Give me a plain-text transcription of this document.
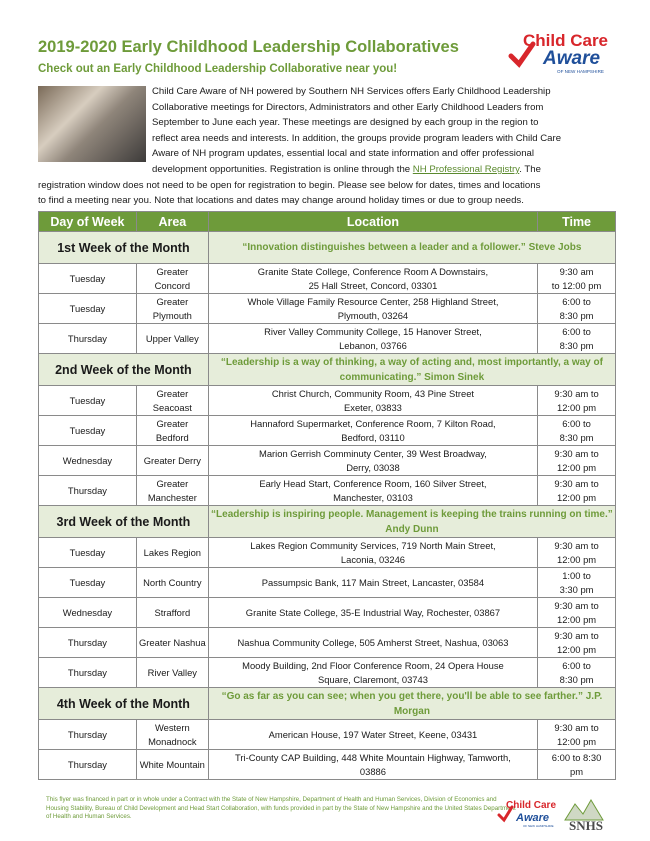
2019-2020 Early Childhood Leadership Collaboratives
Check out an Early Childhood Leadership Collaborative near you!
Child Care
Aware
OF NEW HAMPSHIRE
Child Care Aware of NH powered by Southern NH Services offers Early Childhood Leadership
Collaborative meetings for Directors, Administrators and other Early Childhood Leaders from
September to June each year. These meetings are designed by each group in the region to
reflect area needs and interests. In addition, the groups provide program leaders with Child Care
Aware of NH program updates, essential local and state information and offer professional
development opportunities. Registration is online through the NH Professional Registry. The
registration window does not need to be open for registration to begin. Please see below for dates, times and locations
to find a meeting near you. Note that locations and dates may change around holiday times or due to group needs.
Day of Week	Area	Location	Time
1st Week of the Month		“Innovation distinguishes between a leader and a follower.” Steve Jobs	
Tuesday	Greater Concord	Granite State College, Conference Room A Downstairs,
25 Hall Street, Concord, 03301	9:30 am
to 12:00 pm
Tuesday	Greater Plymouth	Whole Village Family Resource Center, 258 Highland Street,
Plymouth, 03264	6:00 to
8:30 pm
Thursday	Upper Valley	River Valley Community College, 15 Hanover Street,
Lebanon, 03766	6:00 to
8:30 pm
2nd Week of the Month		“Leadership is a way of thinking, a way of acting and, most importantly, a way of communicating.” Simon Sinek	
Tuesday	Greater Seacoast	Christ Church, Community Room, 43 Pine Street
Exeter, 03833	9:30 am to
12:00 pm
Tuesday	Greater Bedford	Hannaford Supermarket, Conference Room, 7 Kilton Road,
Bedford, 03110	6:00 to
8:30 pm
Wednesday	Greater Derry	Marion Gerrish Comminuty Center, 39 West Broadway,
Derry, 03038	9:30 am to
12:00 pm
Thursday	Greater Manchester	Early Head Start, Conference Room, 160 Silver Street,
Manchester, 03103	9:30 am to
12:00 pm
3rd Week of the Month		“Leadership is inspiring people. Management is keeping the trains running on time.” Andy Dunn	
Tuesday	Lakes Region	Lakes Region Community Services, 719 North Main Street,
Laconia, 03246	9:30 am to
12:00 pm
Tuesday	North Country	Passumpsic Bank, 117 Main Street, Lancaster, 03584	1:00 to
3:30 pm
Wednesday	Strafford	Granite State College, 35-E Industrial Way, Rochester, 03867	9:30 am to
12:00 pm
Thursday	Greater Nashua	Nashua Community College, 505 Amherst Street, Nashua, 03063	9:30 am to
12:00 pm
Thursday	River Valley	Moody Building, 2nd Floor Conference Room, 24 Opera House
Square, Claremont, 03743	6:00 to
8:30 pm
4th Week of the Month		“Go as far as you can see; when you get there, you'll be able to see farther.” J.P. Morgan	
Thursday	Western Monadnock	American House, 197 Water Street, Keene, 03431	9:30 am to
12:00 pm
Thursday	White Mountain	Tri-County CAP Building, 448 White Mountain Highway, Tamworth,
03886	6:00 to 8:30
pm
This flyer was financed in part or in whole under a Contract with the State of New Hampshire, Department of Health and Human Services, Division of Economics and Housing Stability, Bureau of Child Development and Head Start Collaboration, with funds provided in part by the State of New Hampshire and the United States Department of Health and Human Services.
Child Care
Aware
OF NEW HAMPSHIRE SNHS
